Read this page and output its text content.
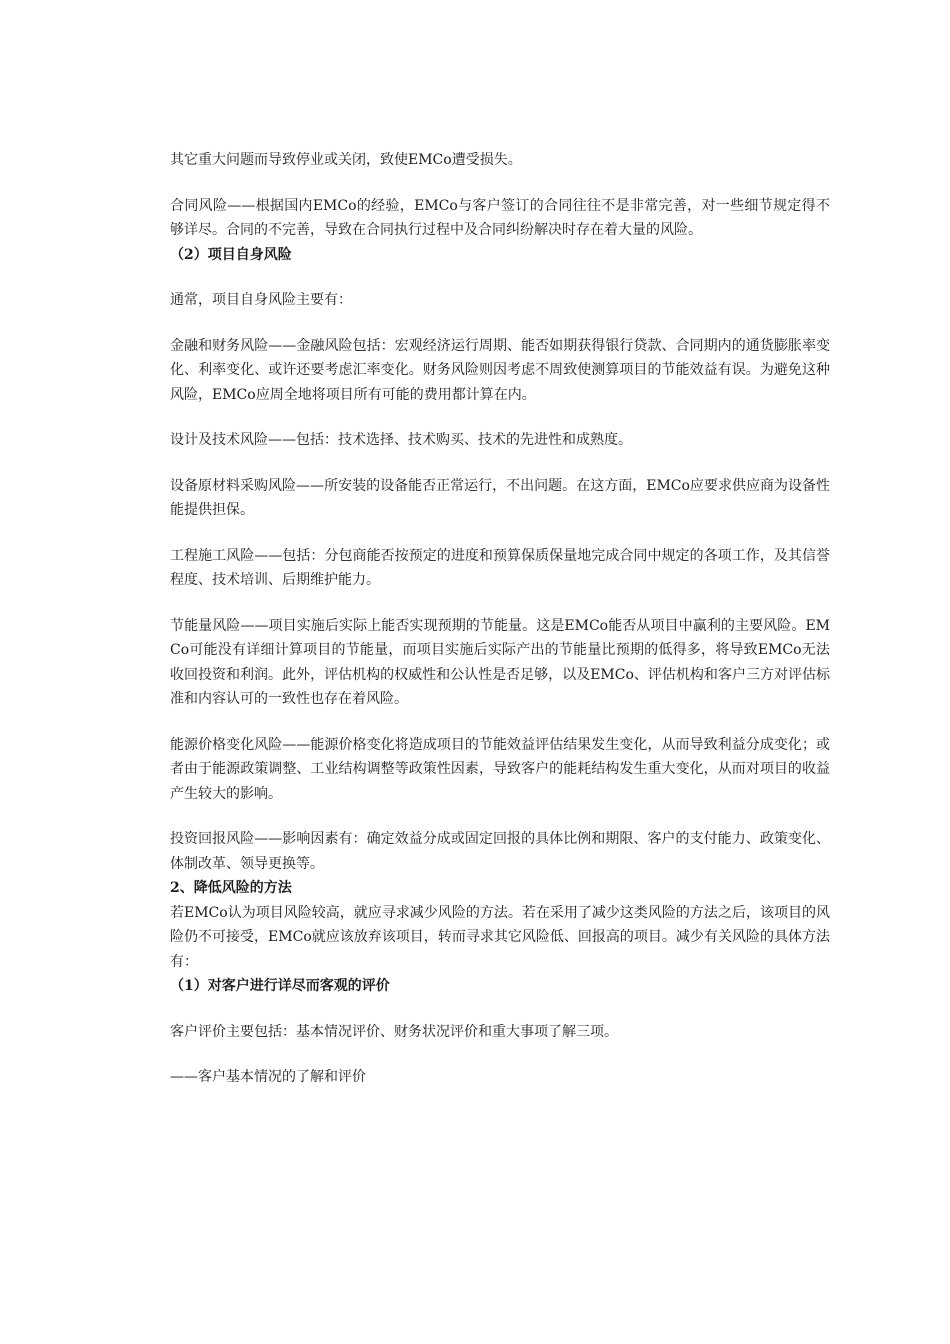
其它重大问题而导致停业或关闭，致使EMCo遭受损失。

合同风险——根据国内EMCo的经验，EMCo与客户签订的合同往往不是非常完善，对一些细节规定得不够详尽。合同的不完善，导致在合同执行过程中及合同纠纷解决时存在着大量的风险。

（2）项目自身风险

通常，项目自身风险主要有：

金融和财务风险——金融风险包括：宏观经济运行周期、能否如期获得银行贷款、合同期内的通货膨胀率变化、利率变化、或许还要考虑汇率变化。财务风险则因考虑不周致使测算项目的节能效益有误。为避免这种风险，EMCo应周全地将项目所有可能的费用都计算在内。

设计及技术风险——包括：技术选择、技术购买、技术的先进性和成熟度。

设备原材料采购风险——所安装的设备能否正常运行，不出问题。在这方面，EMCo应要求供应商为设备性能提供担保。

工程施工风险——包括：分包商能否按预定的进度和预算保质保量地完成合同中规定的各项工作，及其信誉程度、技术培训、后期维护能力。

节能量风险——项目实施后实际上能否实现预期的节能量。这是EMCo能否从项目中赢利的主要风险。EMCo可能没有详细计算项目的节能量，而项目实施后实际产出的节能量比预期的低得多，将导致EMCo无法收回投资和利润。此外，评估机构的权威性和公认性是否足够，以及EMCo、评估机构和客户三方对评估标准和内容认可的一致性也存在着风险。

能源价格变化风险——能源价格变化将造成项目的节能效益评估结果发生变化，从而导致利益分成变化；或者由于能源政策调整、工业结构调整等政策性因素，导致客户的能耗结构发生重大变化，从而对项目的收益产生较大的影响。

投资回报风险——影响因素有：确定效益分成或固定回报的具体比例和期限、客户的支付能力、政策变化、体制改革、领导更换等。

2、降低风险的方法

若EMCo认为项目风险较高，就应寻求减少风险的方法。若在采用了减少这类风险的方法之后，该项目的风险仍不可接受，EMCo就应该放弃该项目，转而寻求其它风险低、回报高的项目。减少有关风险的具体方法有：

（1）对客户进行详尽而客观的评价

客户评价主要包括：基本情况评价、财务状况评价和重大事项了解三项。

——客户基本情况的了解和评价
